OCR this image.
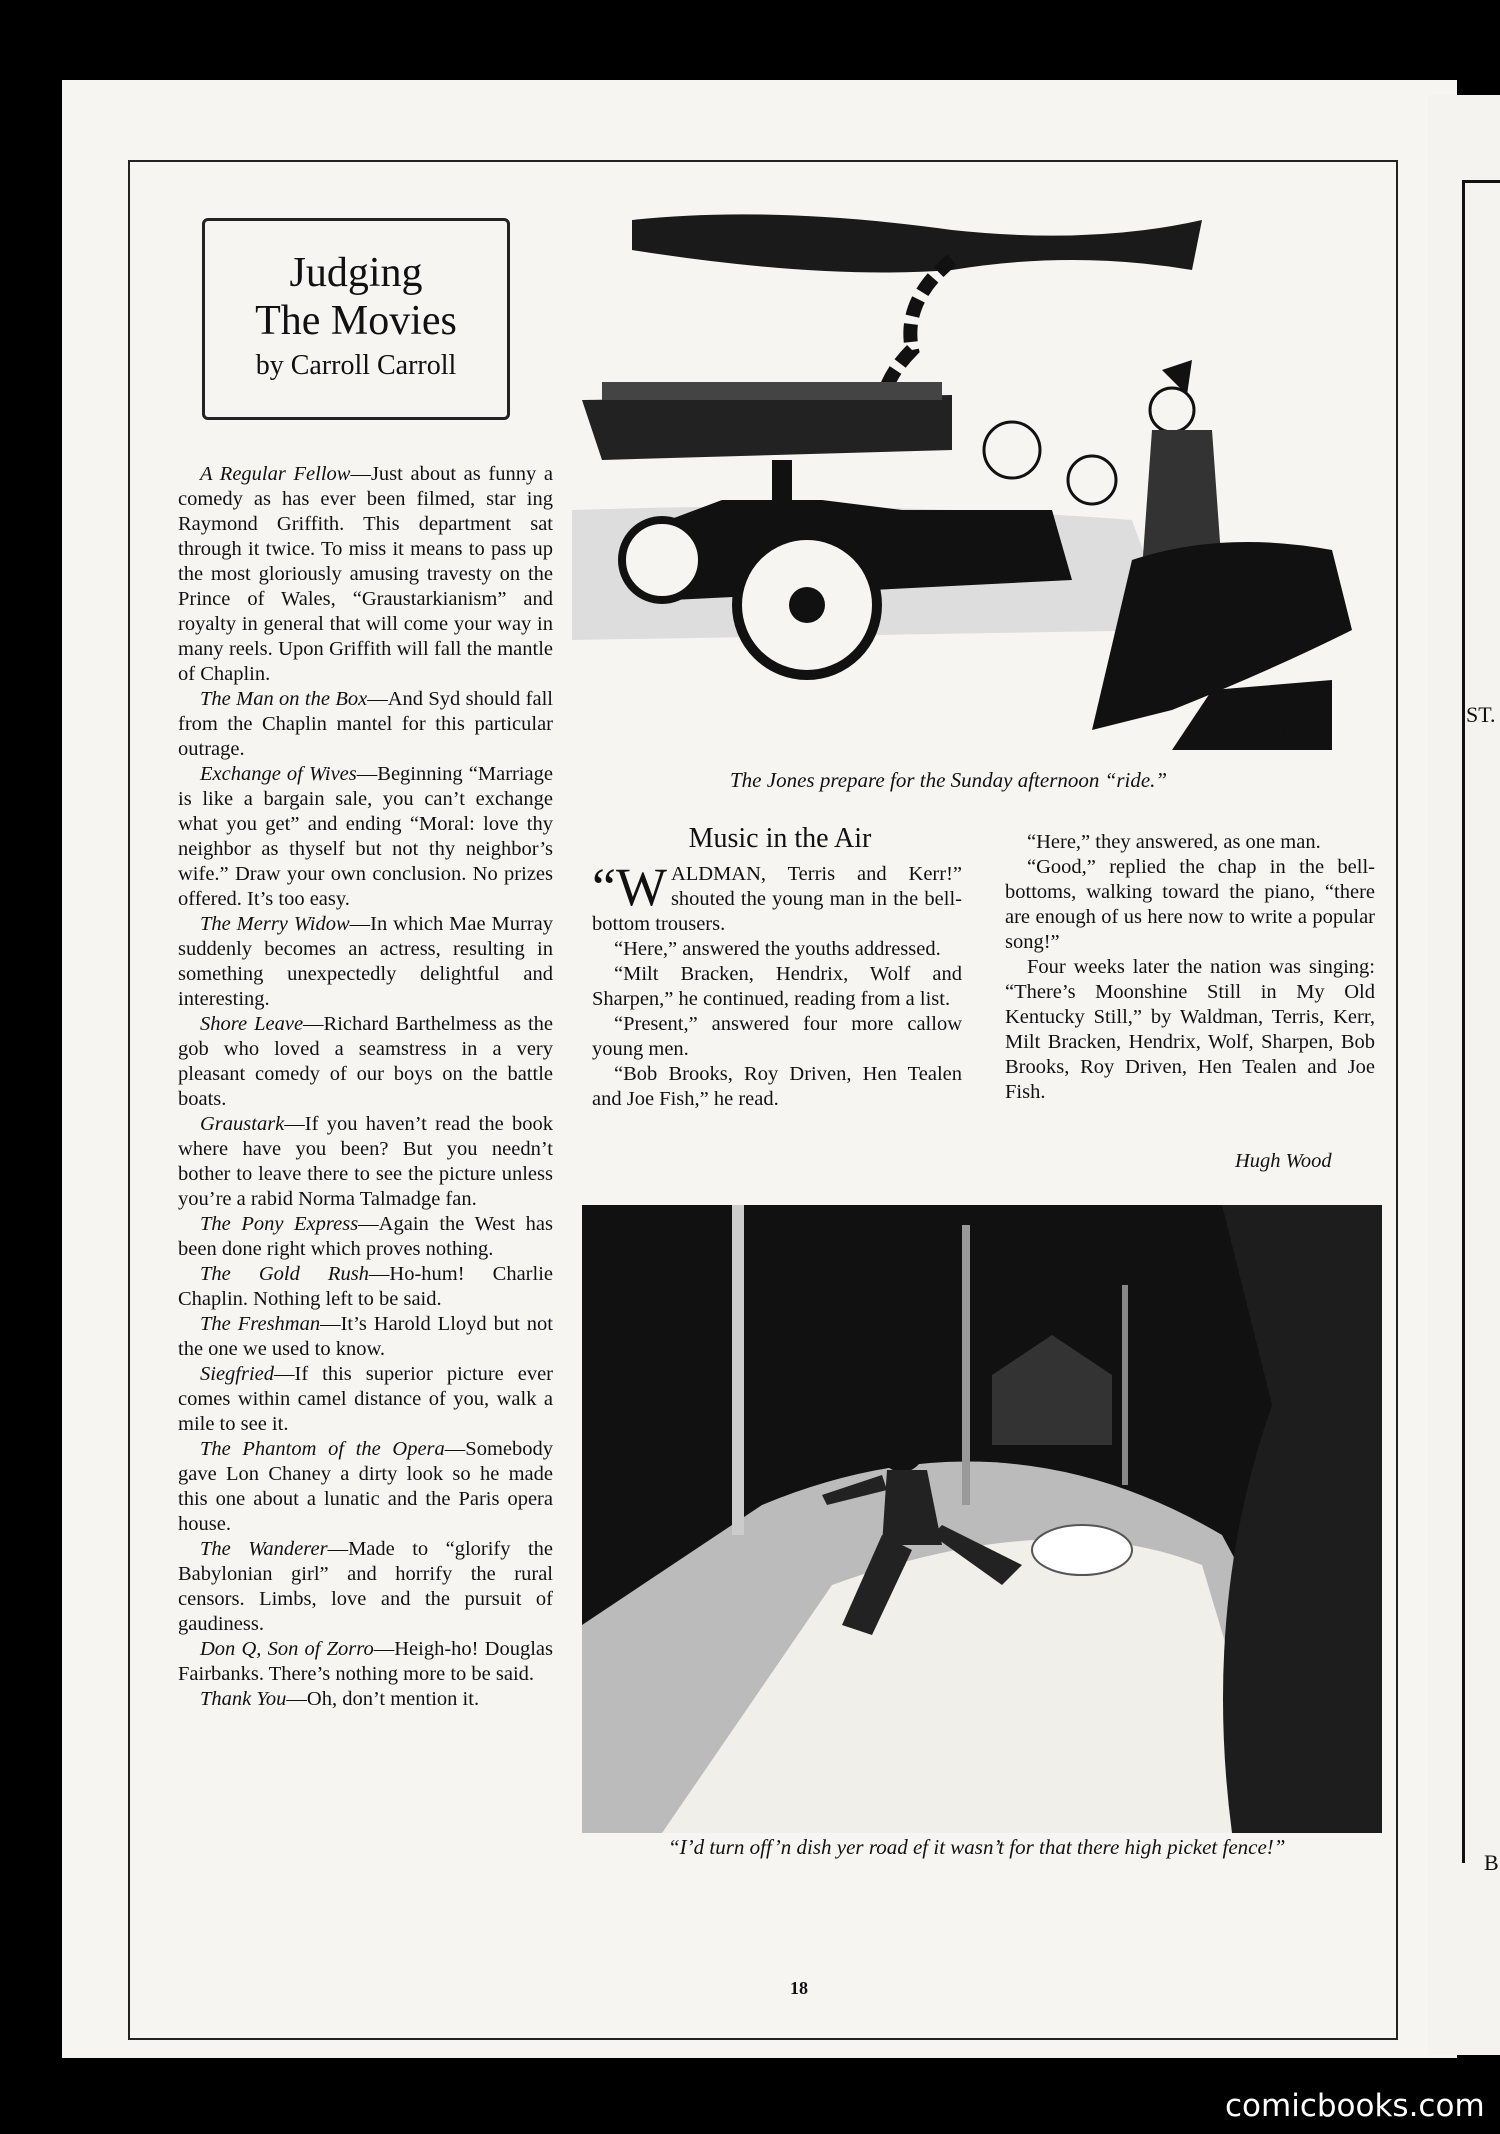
ST.
B
Judging
The Movies
by Carroll Carroll

A Regular Fellow—Just about as funny a comedy as has ever been filmed, star ing Raymond Griffith. This department sat through it twice. To miss it means to pass up the most gloriously amusing travesty on the Prince of Wales, “Graustarkianism” and royalty in general that will come your way in many reels. Upon Griffith will fall the mantle of Chaplin.

The Man on the Box—And Syd should fall from the Chaplin mantel for this particular outrage.

Exchange of Wives—Beginning “Marriage is like a bargain sale, you can’t exchange what you get” and ending “Moral: love thy neighbor as thyself but not thy neighbor’s wife.” Draw your own conclusion. No prizes offered. It’s too easy.

The Merry Widow—In which Mae Murray suddenly becomes an actress, resulting in something unexpectedly delightful and interesting.

Shore Leave—Richard Barthelmess as the gob who loved a seamstress in a very pleasant comedy of our boys on the battle boats.

Graustark—If you haven’t read the book where have you been? But you needn’t bother to leave there to see the picture unless you’re a rabid Norma Talmadge fan.

The Pony Express—Again the West has been done right which proves nothing.

The Gold Rush—Ho-hum! Charlie Chaplin. Nothing left to be said.

The Freshman—It’s Harold Lloyd but not the one we used to know.

Siegfried—If this superior picture ever comes within camel distance of you, walk a mile to see it.

The Phantom of the Opera—Somebody gave Lon Chaney a dirty look so he made this one about a lunatic and the Paris opera house.

The Wanderer—Made to “glorify the Babylonian girl” and horrify the rural censors. Limbs, love and the pursuit of gaudiness.

Don Q, Son of Zorro—Heigh-ho! Douglas Fairbanks. There’s nothing more to be said.

Thank You—Oh, don’t mention it.

TOUSEY
The Jones prepare for the Sunday afternoon “ride.”
Music in the Air

“WALDMAN, Terris and Kerr!” shouted the young man in the bell-bottom trousers.

“Here,” answered the youths addressed.

“Milt Bracken, Hendrix, Wolf and Sharpen,” he continued, reading from a list.

“Present,” answered four more callow young men.

“Bob Brooks, Roy Driven, Hen Tealen and Joe Fish,” he read.

“Here,” they answered, as one man.

“Good,” replied the chap in the bell-bottoms, walking toward the piano, “there are enough of us here now to write a popular song!”

Four weeks later the nation was singing: “There’s Moonshine Still in My Old Kentucky Still,” by Waldman, Terris, Kerr, Milt Bracken, Hendrix, Wolf, Sharpen, Bob Brooks, Roy Driven, Hen Tealen and Joe Fish.

Hugh Wood
“I’d turn off’n dish yer road ef it wasn’t for that there high picket fence!”
18
comicbooks.com
